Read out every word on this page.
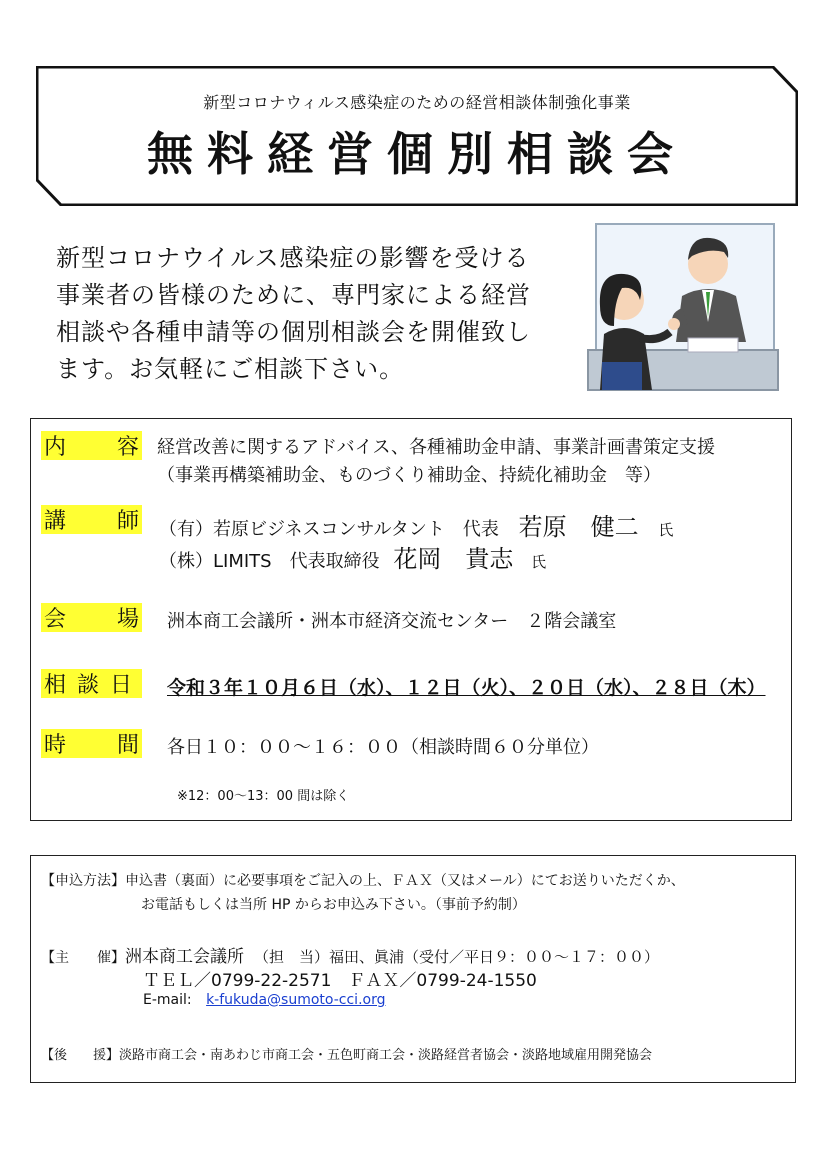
新型コロナウィルス感染症のための経営相談体制強化事業
無料経営個別相談会
新型コロナウイルス感染症の影響を受ける
事業者の皆様のために、専門家による経営
相談や各種申請等の個別相談会を開催致し
ます。お気軽にご相談下さい。
内 容 経営改善に関するアドバイス、各種補助金申請、事業計画書策定支援
（事業再構築補助金、ものづくり補助金、持続化補助金　等）
講 師 （有）若原ビジネスコンサルタント　代表 若原　健二 氏
（株）LIMITS　代表取締役 花岡　貴志 氏
会 場 洲本商工会議所・洲本市経済交流センター　２階会議室
相 談 日 令和３年１０月６日（水）、１２日（火）、２０日（水）、２８日（木）
時 間 各日１０：００～１６：００（相談時間６０分単位）
※12：00～13：00 間は除く
【申込方法】申込書（裏面）に必要事項をご記入の上、ＦＡＸ（又はメール）にてお送りいただくか、
お電話もしくは当所 HP からお申込み下さい。（事前予約制）
【主　　催】洲本商工会議所 （担　当）福田、眞浦（受付／平日９：００～１７：００）
ＴＥＬ／0799-22-2571　ＦＡＸ／0799-24-1550
E-mail: k-fukuda@sumoto-cci.org
【後　　援】淡路市商工会・南あわじ市商工会・五色町商工会・淡路経営者協会・淡路地域雇用開発協会
